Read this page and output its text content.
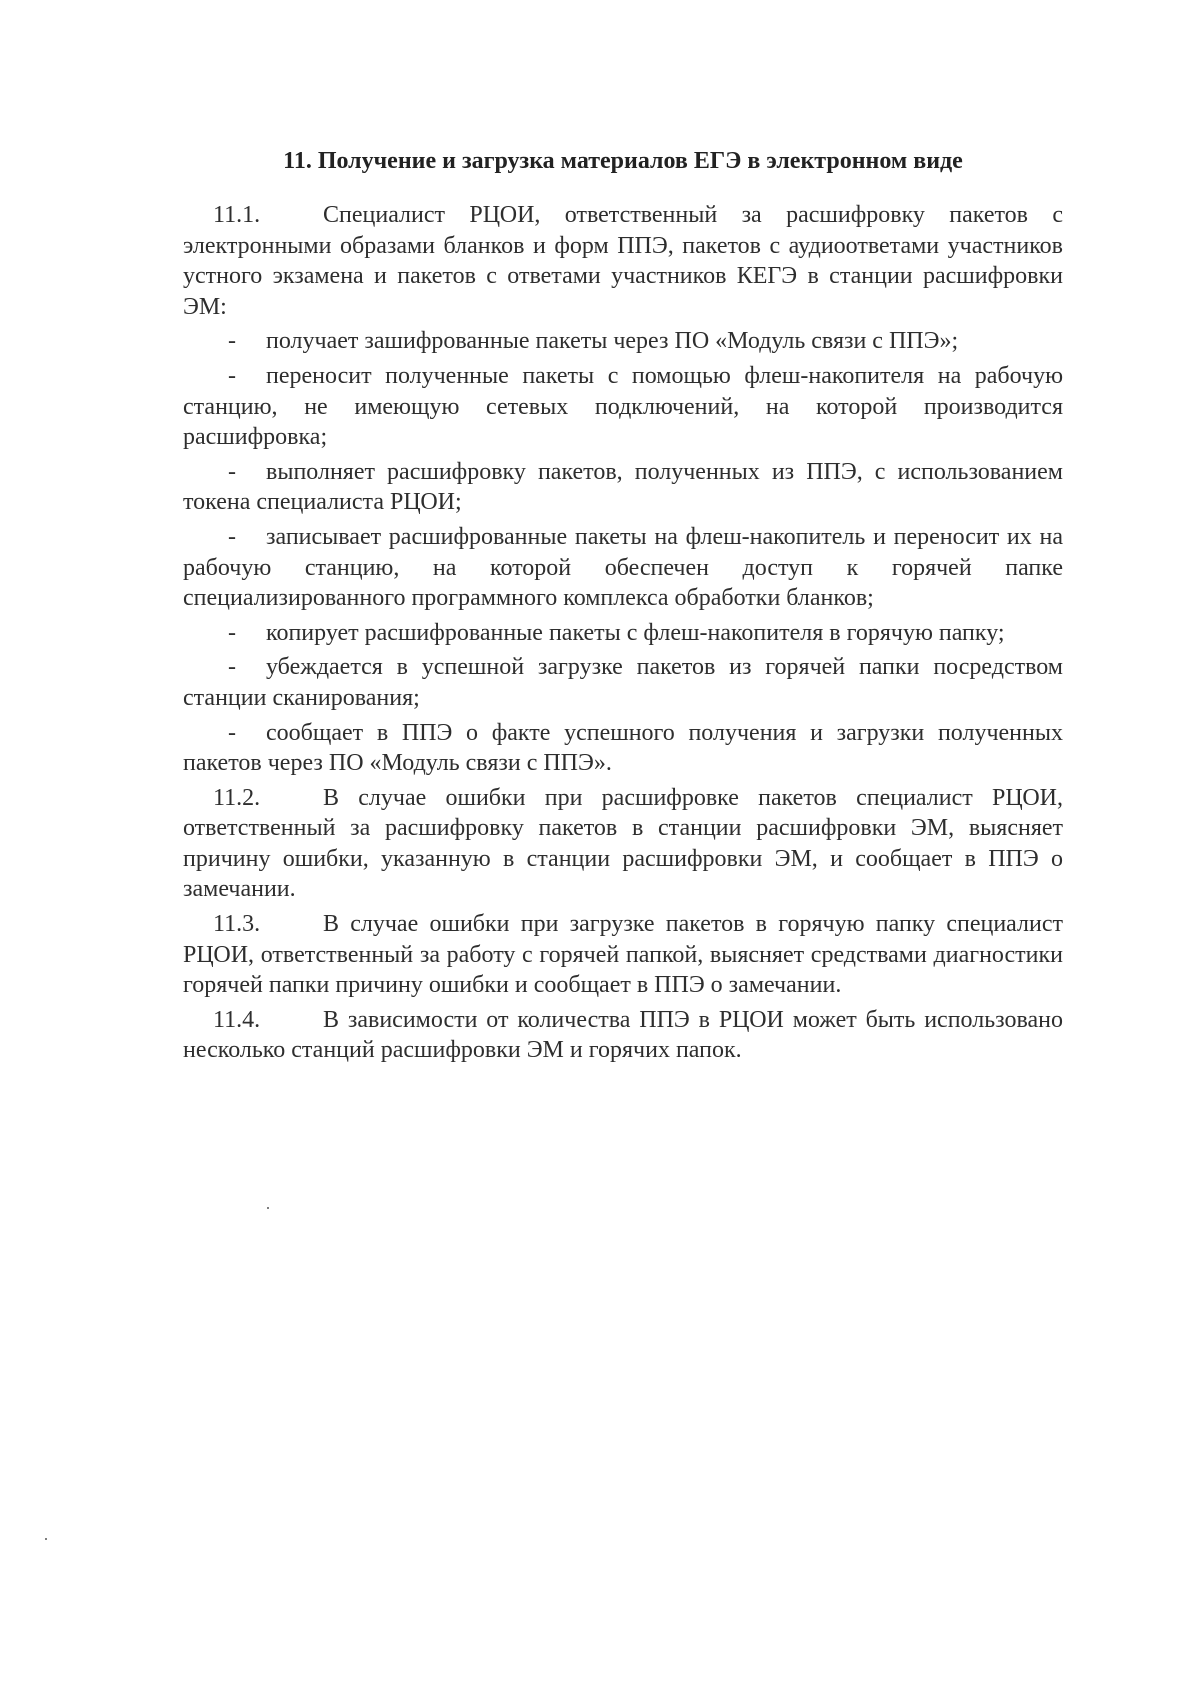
11. Получение и загрузка материалов ЕГЭ в электронном виде

11.1.	Специалист РЦОИ, ответственный за расшифровку пакетов с электронными образами бланков и форм ППЭ, пакетов с аудиоответами участников устного экзамена и пакетов с ответами участников КЕГЭ в станции расшифровки ЭМ:

- получает зашифрованные пакеты через ПО «Модуль связи с ППЭ»;

- переносит полученные пакеты с помощью флеш-накопителя на рабочую станцию, не имеющую сетевых подключений, на которой производится расшифровка;

- выполняет расшифровку пакетов, полученных из ППЭ, с использованием токена специалиста РЦОИ;

- записывает расшифрованные пакеты на флеш-накопитель и переносит их на рабочую станцию, на которой обеспечен доступ к горячей папке специализированного программного комплекса обработки бланков;

- копирует расшифрованные пакеты с флеш-накопителя в горячую папку;

- убеждается в успешной загрузке пакетов из горячей папки посредством станции сканирования;

- сообщает в ППЭ о факте успешного получения и загрузки полученных пакетов через ПО «Модуль связи с ППЭ».

11.2.	В случае ошибки при расшифровке пакетов специалист РЦОИ, ответственный за расшифровку пакетов в станции расшифровки ЭМ, выясняет причину ошибки, указанную в станции расшифровки ЭМ, и сообщает в ППЭ о замечании.

11.3.	В случае ошибки при загрузке пакетов в горячую папку специалист РЦОИ, ответственный за работу с горячей папкой, выясняет средствами диагностики горячей папки причину ошибки и сообщает в ППЭ о замечании.

11.4.	В зависимости от количества ППЭ в РЦОИ может быть использовано несколько станций расшифровки ЭМ и горячих папок.
